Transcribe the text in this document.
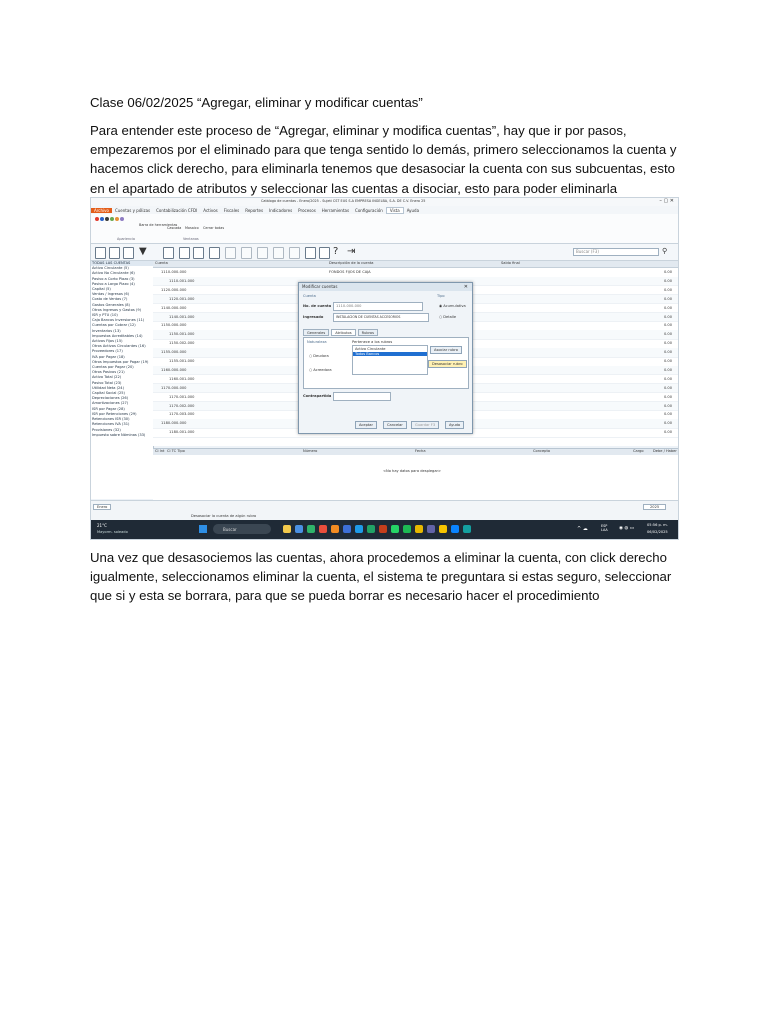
Clase 06/02/2025 “Agregar, eliminar y modificar cuentas”

Para entender este proceso de “Agregar, eliminar y modifica cuentas”, hay que ir por pasos, empezaremos por el eliminado para que tenga sentido lo demás, primero seleccionamos la cuenta y hacemos click derecho, para eliminarla tenemos que desasociar la cuenta con sus subcuentas, esto en el apartado de atributos y seleccionar las cuentas a disociar, esto para poder eliminarla

Catálogo de cuentas - Enero/2025 - Sujeti CST EUS S.A EMPRESA INGELBA, S.A. DE C.V. Enero 25	– ▢ ✕
Archivo	Cuentas y pólizas	Contabilización CFDI	Activos	Fiscales	Reportes	Indicadores	Procesos	Herramientas	Configuración	Vista	Ayuda
Barra de herramientas
Cascada Mosaico Cerrar todas
Apariencia	Ventanas
▼	? ⇥	Buscar (F3)	⚲
TODAS LAS CUENTAS
Activo Circulante (5)
Activo No Circulante (6)
Pasivo a Corto Plazo (3)
Pasivo a Largo Plazo (4)
Capital (5)
Ventas / Ingresos (6)
Costo de Ventas (7)
Gastos Generales (8)
Otros Ingresos y Gastos (9)
ISR y PTU (10)
Caja Bancos Inversiones (11)
Cuentas por Cobrar (12)
Inventarios (13)
Impuestos Acreditables (14)
Activos Fijos (15)
Otros Activos Circulantes (16)
Proveedores (17)
IVA por Pagar (18)
Otros Impuestos por Pagar (19)
Cuentas por Pagar (20)
Otros Pasivos (21)
Activo Total (22)
Pasivo Total (23)
Utilidad Neta (24)
Capital Social (25)
Depreciaciones (26)
Amortizaciones (27)
ISR por Pagar (28)
ISR por Retenciones (29)
Retenciones ISR (30)
Retenciones IVA (31)
Provisiones (32)
Impuesto sobre Nóminas (33)
Cuenta	Descripción de la cuenta	Saldo final
1110-000-000	FONDOS FIJOS DE CAJA	0.00
1110-001-000	0.00
1120-000-000	0.00
1120-001-000	0.00
1140-000-000	0.00
1140-001-000	0.00
1150-000-000	0.00
1150-001-000	0.00
1150-002-000	0.00
1155-000-000	0.00
1155-001-000	0.00
1160-000-000	0.00
1160-001-000	0.00
1170-000-000	0.00
1170-001-000	0.00
1170-002-000	0.00
1170-003-000	0.00
1180-000-000	0.00
1180-001-000	0.00
Cl Int Cl TC Tipo	Número	Fecha	Concepto	Cargo	Debe / Haber
<No hay datos para desplegar>
Enero
Desasociar la cuenta de algún rubro
2025
21°C
Mayorm. soleado	Buscar	^ ☁	ESP LAA	◉ ◍ ▭
05:56 p. m.
06/02/2025
Modificar cuentas	✕
Cuenta	Tipo
No. de cuenta 1110-000-000
Ingresado	INSTALACION DE CUENTAS ACCESORIOS
◉ Acumulativa
○ Detalle
Generales	Atributos	Rubros
Naturaleza
○ Deudora
○ Acreedora
Pertenece a los rubros
Activo Circulante
Todos Bancos
Asociar rubro
Desasociar rubro
Contrapartida
Aceptar	Cancelar	Guardar F3	Ayuda

Una vez que desasociemos las cuentas, ahora procedemos a eliminar la cuenta, con click derecho igualmente, seleccionamos eliminar la cuenta, el sistema te preguntara si estas seguro, seleccionar que si y esta se borrara, para que se pueda borrar es necesario hacer el procedimiento
